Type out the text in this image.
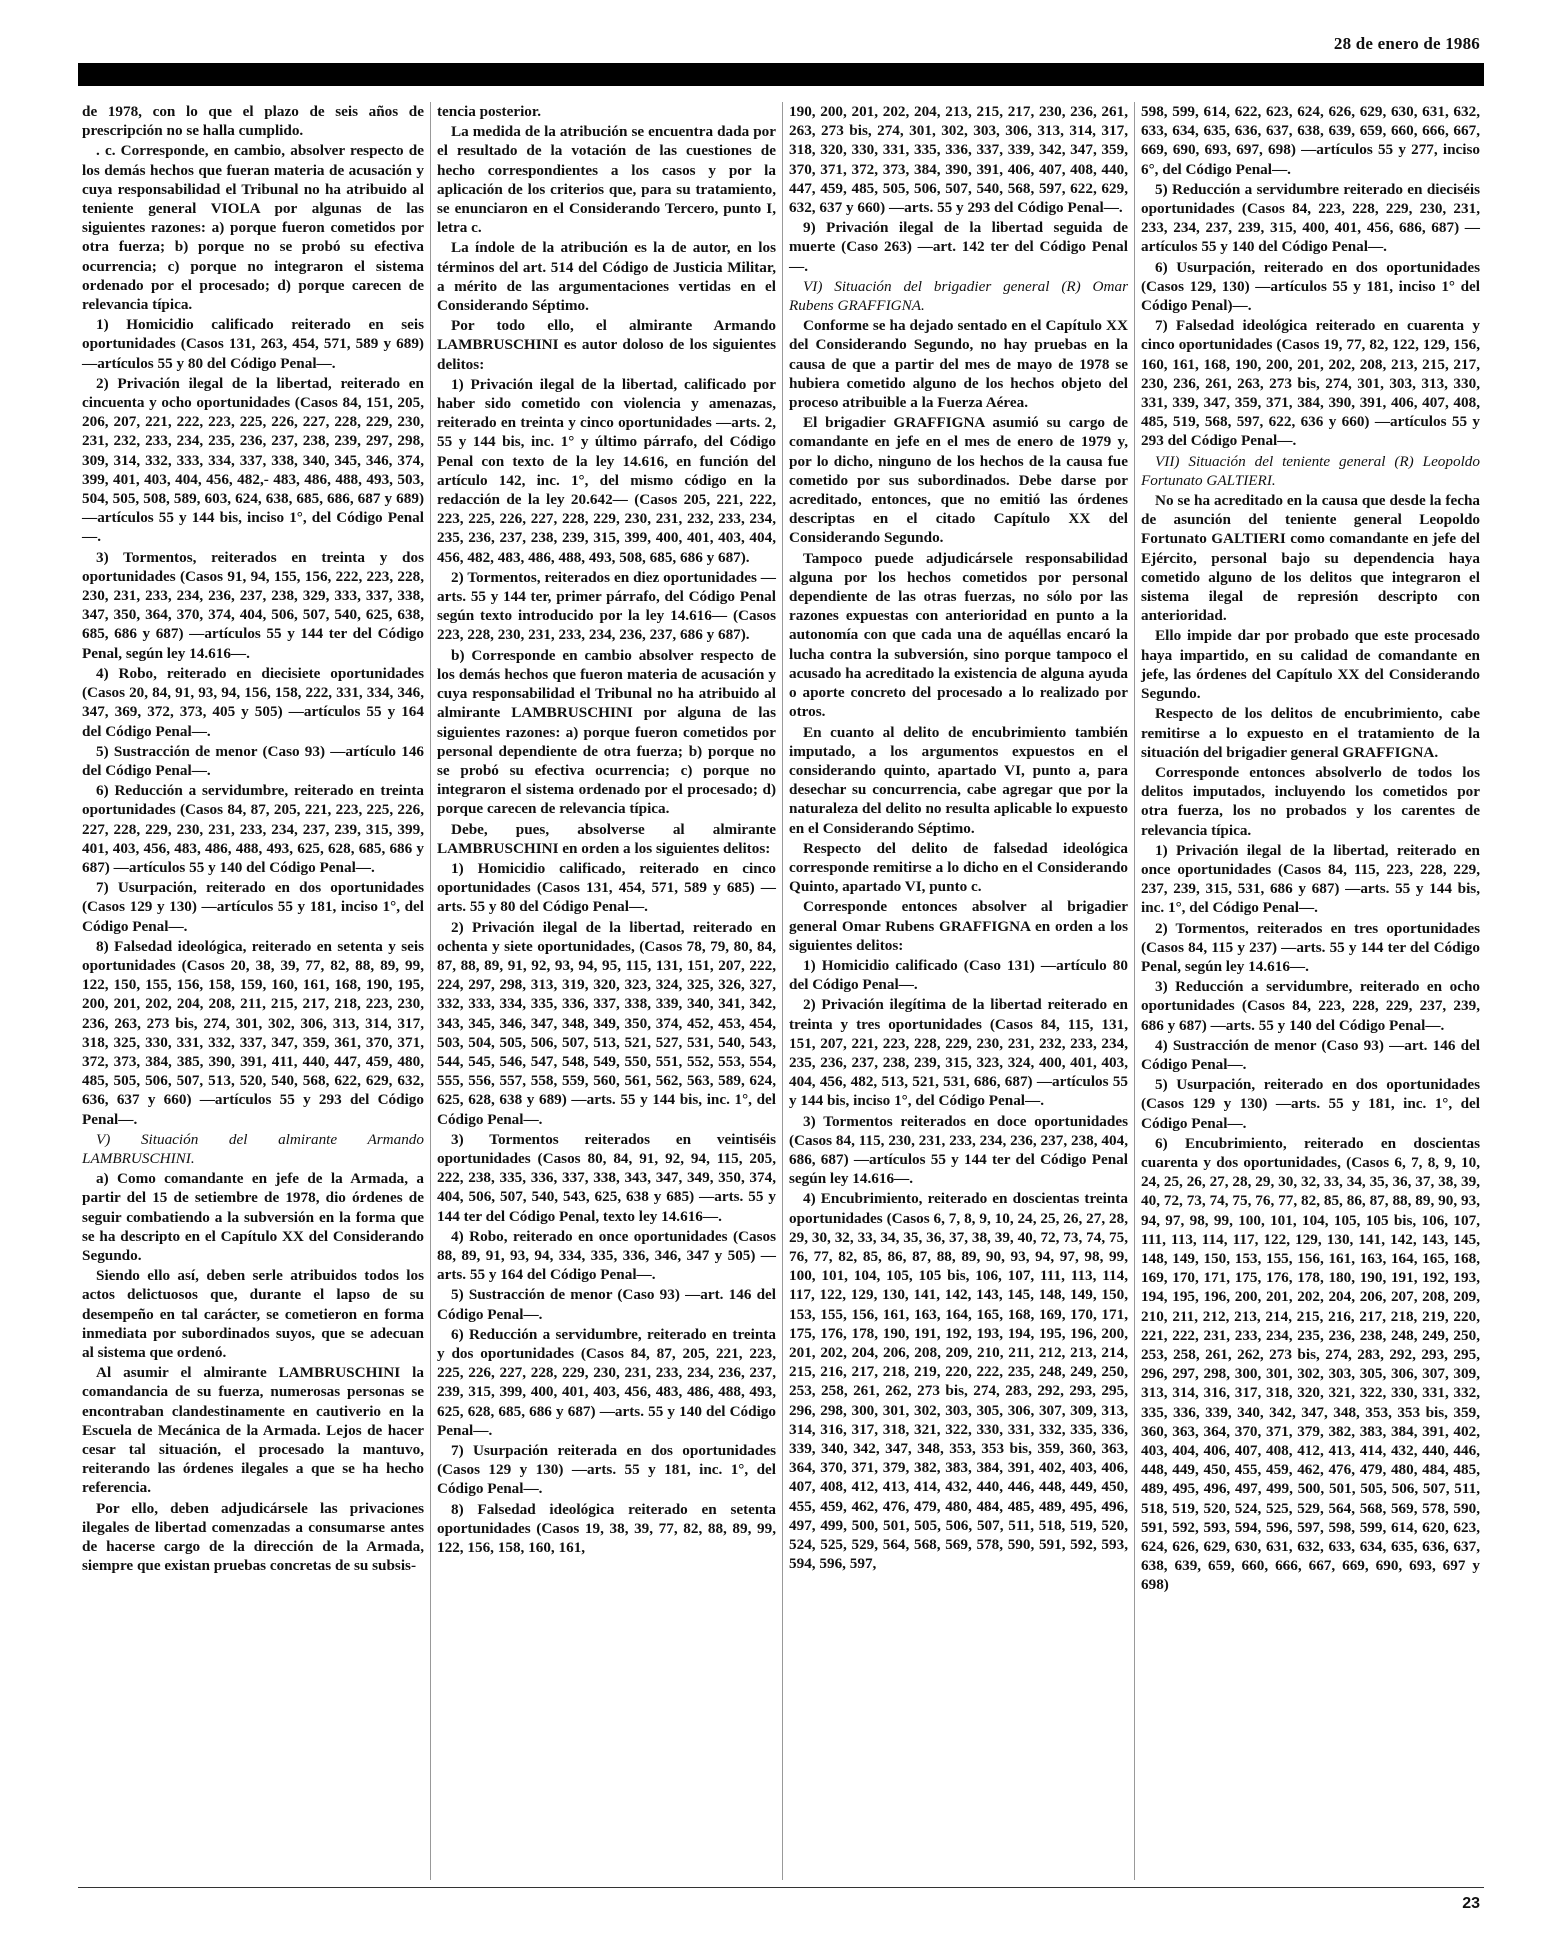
28 de enero de 1986

de 1978, con lo que el plazo de seis años de prescripción no se halla cumplido.

. c. Corresponde, en cambio, absolver respecto de los demás hechos que fueran materia de acusación y cuya responsabilidad el Tribunal no ha atribuido al teniente general VIOLA por algunas de las siguientes razones: a) porque fueron cometidos por otra fuerza; b) porque no se probó su efectiva ocurrencia; c) porque no integraron el sistema ordenado por el procesado; d) porque carecen de relevancia típica.

1) Homicidio calificado reiterado en seis oportunidades (Casos 131, 263, 454, 571, 589 y 689) —artículos 55 y 80 del Código Penal—.

2) Privación ilegal de la libertad, reiterado en cincuenta y ocho oportunidades (Casos 84, 151, 205, 206, 207, 221, 222, 223, 225, 226, 227, 228, 229, 230, 231, 232, 233, 234, 235, 236, 237, 238, 239, 297, 298, 309, 314, 332, 333, 334, 337, 338, 340, 345, 346, 374, 399, 401, 403, 404, 456, 482,- 483, 486, 488, 493, 503, 504, 505, 508, 589, 603, 624, 638, 685, 686, 687 y 689) —artículos 55 y 144 bis, inciso 1°, del Código Penal—.

3) Tormentos, reiterados en treinta y dos oportunidades (Casos 91, 94, 155, 156, 222, 223, 228, 230, 231, 233, 234, 236, 237, 238, 329, 333, 337, 338, 347, 350, 364, 370, 374, 404, 506, 507, 540, 625, 638, 685, 686 y 687) —artículos 55 y 144 ter del Código Penal, según ley 14.616—.

4) Robo, reiterado en diecisiete oportunidades (Casos 20, 84, 91, 93, 94, 156, 158, 222, 331, 334, 346, 347, 369, 372, 373, 405 y 505) —artículos 55 y 164 del Código Penal—.

5) Sustracción de menor (Caso 93) —artículo 146 del Código Penal—.

6) Reducción a servidumbre, reiterado en treinta oportunidades (Casos 84, 87, 205, 221, 223, 225, 226, 227, 228, 229, 230, 231, 233, 234, 237, 239, 315, 399, 401, 403, 456, 483, 486, 488, 493, 625, 628, 685, 686 y 687) —artículos 55 y 140 del Código Penal—.

7) Usurpación, reiterado en dos oportunidades (Casos 129 y 130) —artículos 55 y 181, inciso 1°, del Código Penal—.

8) Falsedad ideológica, reiterado en setenta y seis oportunidades (Casos 20, 38, 39, 77, 82, 88, 89, 99, 122, 150, 155, 156, 158, 159, 160, 161, 168, 190, 195, 200, 201, 202, 204, 208, 211, 215, 217, 218, 223, 230, 236, 263, 273 bis, 274, 301, 302, 306, 313, 314, 317, 318, 325, 330, 331, 332, 337, 347, 359, 361, 370, 371, 372, 373, 384, 385, 390, 391, 411, 440, 447, 459, 480, 485, 505, 506, 507, 513, 520, 540, 568, 622, 629, 632, 636, 637 y 660) —artículos 55 y 293 del Código Penal—.

V) Situación del almirante Armando LAMBRUSCHINI.

a) Como comandante en jefe de la Armada, a partir del 15 de setiembre de 1978, dio órdenes de seguir combatiendo a la subversión en la forma que se ha descripto en el Capítulo XX del Considerando Segundo.

Siendo ello así, deben serle atribuidos todos los actos delictuosos que, durante el lapso de su desempeño en tal carácter, se cometieron en forma inmediata por subordinados suyos, que se adecuan al sistema que ordenó.

Al asumir el almirante LAMBRUSCHINI la comandancia de su fuerza, numerosas personas se encontraban clandestinamente en cautiverio en la Escuela de Mecánica de la Armada. Lejos de hacer cesar tal situación, el procesado la mantuvo, reiterando las órdenes ilegales a que se ha hecho referencia.

Por ello, deben adjudicársele las privaciones ilegales de libertad comenzadas a consumarse antes de hacerse cargo de la dirección de la Armada, siempre que existan pruebas concretas de su subsis-

tencia posterior.

La medida de la atribución se encuentra dada por el resultado de la votación de las cuestiones de hecho correspondientes a los casos y por la aplicación de los criterios que, para su tratamiento, se enunciaron en el Considerando Tercero, punto I, letra c.

La índole de la atribución es la de autor, en los términos del art. 514 del Código de Justicia Militar, a mérito de las argumentaciones vertidas en el Considerando Séptimo.

Por todo ello, el almirante Armando LAMBRUSCHINI es autor doloso de los siguientes delitos:

1) Privación ilegal de la libertad, calificado por haber sido cometido con violencia y amenazas, reiterado en treinta y cinco oportunidades —arts. 2, 55 y 144 bis, inc. 1° y último párrafo, del Código Penal con texto de la ley 14.616, en función del artículo 142, inc. 1°, del mismo código en la redacción de la ley 20.642— (Casos 205, 221, 222, 223, 225, 226, 227, 228, 229, 230, 231, 232, 233, 234, 235, 236, 237, 238, 239, 315, 399, 400, 401, 403, 404, 456, 482, 483, 486, 488, 493, 508, 685, 686 y 687).

2) Tormentos, reiterados en diez oportunidades —arts. 55 y 144 ter, primer párrafo, del Código Penal según texto introducido por la ley 14.616— (Casos 223, 228, 230, 231, 233, 234, 236, 237, 686 y 687).

b) Corresponde en cambio absolver respecto de los demás hechos que fueron materia de acusación y cuya responsabilidad el Tribunal no ha atribuido al almirante LAMBRUSCHINI por alguna de las siguientes razones: a) porque fueron cometidos por personal dependiente de otra fuerza; b) porque no se probó su efectiva ocurrencia; c) porque no integraron el sistema ordenado por el procesado; d) porque carecen de relevancia típica.

Debe, pues, absolverse al almirante LAMBRUSCHINI en orden a los siguientes delitos:

1) Homicidio calificado, reiterado en cinco oportunidades (Casos 131, 454, 571, 589 y 685) —arts. 55 y 80 del Código Penal—.

2) Privación ilegal de la libertad, reiterado en ochenta y siete oportunidades, (Casos 78, 79, 80, 84, 87, 88, 89, 91, 92, 93, 94, 95, 115, 131, 151, 207, 222, 224, 297, 298, 313, 319, 320, 323, 324, 325, 326, 327, 332, 333, 334, 335, 336, 337, 338, 339, 340, 341, 342, 343, 345, 346, 347, 348, 349, 350, 374, 452, 453, 454, 503, 504, 505, 506, 507, 513, 521, 527, 531, 540, 543, 544, 545, 546, 547, 548, 549, 550, 551, 552, 553, 554, 555, 556, 557, 558, 559, 560, 561, 562, 563, 589, 624, 625, 628, 638 y 689) —arts. 55 y 144 bis, inc. 1°, del Código Penal—.

3) Tormentos reiterados en veintiséis oportunidades (Casos 80, 84, 91, 92, 94, 115, 205, 222, 238, 335, 336, 337, 338, 343, 347, 349, 350, 374, 404, 506, 507, 540, 543, 625, 638 y 685) —arts. 55 y 144 ter del Código Penal, texto ley 14.616—.

4) Robo, reiterado en once oportunidades (Casos 88, 89, 91, 93, 94, 334, 335, 336, 346, 347 y 505) —arts. 55 y 164 del Código Penal—.

5) Sustracción de menor (Caso 93) —art. 146 del Código Penal—.

6) Reducción a servidumbre, reiterado en treinta y dos oportunidades (Casos 84, 87, 205, 221, 223, 225, 226, 227, 228, 229, 230, 231, 233, 234, 236, 237, 239, 315, 399, 400, 401, 403, 456, 483, 486, 488, 493, 625, 628, 685, 686 y 687) —arts. 55 y 140 del Código Penal—.

7) Usurpación reiterada en dos oportunidades (Casos 129 y 130) —arts. 55 y 181, inc. 1°, del Código Penal—.

8) Falsedad ideológica reiterado en setenta oportunidades (Casos 19, 38, 39, 77, 82, 88, 89, 99, 122, 156, 158, 160, 161,

190, 200, 201, 202, 204, 213, 215, 217, 230, 236, 261, 263, 273 bis, 274, 301, 302, 303, 306, 313, 314, 317, 318, 320, 330, 331, 335, 336, 337, 339, 342, 347, 359, 370, 371, 372, 373, 384, 390, 391, 406, 407, 408, 440, 447, 459, 485, 505, 506, 507, 540, 568, 597, 622, 629, 632, 637 y 660) —arts. 55 y 293 del Código Penal—.

9) Privación ilegal de la libertad seguida de muerte (Caso 263) —art. 142 ter del Código Penal—.

VI) Situación del brigadier general (R) Omar Rubens GRAFFIGNA.

Conforme se ha dejado sentado en el Capítulo XX del Considerando Segundo, no hay pruebas en la causa de que a partir del mes de mayo de 1978 se hubiera cometido alguno de los hechos objeto del proceso atribuible a la Fuerza Aérea.

El brigadier GRAFFIGNA asumió su cargo de comandante en jefe en el mes de enero de 1979 y, por lo dicho, ninguno de los hechos de la causa fue cometido por sus subordinados. Debe darse por acreditado, entonces, que no emitió las órdenes descriptas en el citado Capítulo XX del Considerando Segundo.

Tampoco puede adjudicársele responsabilidad alguna por los hechos cometidos por personal dependiente de las otras fuerzas, no sólo por las razones expuestas con anterioridad en punto a la autonomía con que cada una de aquéllas encaró la lucha contra la subversión, sino porque tampoco el acusado ha acreditado la existencia de alguna ayuda o aporte concreto del procesado a lo realizado por otros.

En cuanto al delito de encubrimiento también imputado, a los argumentos expuestos en el considerando quinto, apartado VI, punto a, para desechar su concurrencia, cabe agregar que por la naturaleza del delito no resulta aplicable lo expuesto en el Considerando Séptimo.

Respecto del delito de falsedad ideológica corresponde remitirse a lo dicho en el Considerando Quinto, apartado VI, punto c.

Corresponde entonces absolver al brigadier general Omar Rubens GRAFFIGNA en orden a los siguientes delitos:

1) Homicidio calificado (Caso 131) —artículo 80 del Código Penal—.

2) Privación ilegítima de la libertad reiterado en treinta y tres oportunidades (Casos 84, 115, 131, 151, 207, 221, 223, 228, 229, 230, 231, 232, 233, 234, 235, 236, 237, 238, 239, 315, 323, 324, 400, 401, 403, 404, 456, 482, 513, 521, 531, 686, 687) —artículos 55 y 144 bis, inciso 1°, del Código Penal—.

3) Tormentos reiterados en doce oportunidades (Casos 84, 115, 230, 231, 233, 234, 236, 237, 238, 404, 686, 687) —artículos 55 y 144 ter del Código Penal según ley 14.616—.

4) Encubrimiento, reiterado en doscientas treinta oportunidades (Casos 6, 7, 8, 9, 10, 24, 25, 26, 27, 28, 29, 30, 32, 33, 34, 35, 36, 37, 38, 39, 40, 72, 73, 74, 75, 76, 77, 82, 85, 86, 87, 88, 89, 90, 93, 94, 97, 98, 99, 100, 101, 104, 105, 105 bis, 106, 107, 111, 113, 114, 117, 122, 129, 130, 141, 142, 143, 145, 148, 149, 150, 153, 155, 156, 161, 163, 164, 165, 168, 169, 170, 171, 175, 176, 178, 190, 191, 192, 193, 194, 195, 196, 200, 201, 202, 204, 206, 208, 209, 210, 211, 212, 213, 214, 215, 216, 217, 218, 219, 220, 222, 235, 248, 249, 250, 253, 258, 261, 262, 273 bis, 274, 283, 292, 293, 295, 296, 298, 300, 301, 302, 303, 305, 306, 307, 309, 313, 314, 316, 317, 318, 321, 322, 330, 331, 332, 335, 336, 339, 340, 342, 347, 348, 353, 353 bis, 359, 360, 363, 364, 370, 371, 379, 382, 383, 384, 391, 402, 403, 406, 407, 408, 412, 413, 414, 432, 440, 446, 448, 449, 450, 455, 459, 462, 476, 479, 480, 484, 485, 489, 495, 496, 497, 499, 500, 501, 505, 506, 507, 511, 518, 519, 520, 524, 525, 529, 564, 568, 569, 578, 590, 591, 592, 593, 594, 596, 597,

598, 599, 614, 622, 623, 624, 626, 629, 630, 631, 632, 633, 634, 635, 636, 637, 638, 639, 659, 660, 666, 667, 669, 690, 693, 697, 698) —artículos 55 y 277, inciso 6°, del Código Penal—.

5) Reducción a servidumbre reiterado en dieciséis oportunidades (Casos 84, 223, 228, 229, 230, 231, 233, 234, 237, 239, 315, 400, 401, 456, 686, 687) —artículos 55 y 140 del Código Penal—.

6) Usurpación, reiterado en dos oportunidades (Casos 129, 130) —artículos 55 y 181, inciso 1° del Código Penal)—.

7) Falsedad ideológica reiterado en cuarenta y cinco oportunidades (Casos 19, 77, 82, 122, 129, 156, 160, 161, 168, 190, 200, 201, 202, 208, 213, 215, 217, 230, 236, 261, 263, 273 bis, 274, 301, 303, 313, 330, 331, 339, 347, 359, 371, 384, 390, 391, 406, 407, 408, 485, 519, 568, 597, 622, 636 y 660) —artículos 55 y 293 del Código Penal—.

VII) Situación del teniente general (R) Leopoldo Fortunato GALTIERI.

No se ha acreditado en la causa que desde la fecha de asunción del teniente general Leopoldo Fortunato GALTIERI como comandante en jefe del Ejército, personal bajo su dependencia haya cometido alguno de los delitos que integraron el sistema ilegal de represión descripto con anterioridad.

Ello impide dar por probado que este procesado haya impartido, en su calidad de comandante en jefe, las órdenes del Capítulo XX del Considerando Segundo.

Respecto de los delitos de encubrimiento, cabe remitirse a lo expuesto en el tratamiento de la situación del brigadier general GRAFFIGNA.

Corresponde entonces absolverlo de todos los delitos imputados, incluyendo los cometidos por otra fuerza, los no probados y los carentes de relevancia típica.

1) Privación ilegal de la libertad, reiterado en once oportunidades (Casos 84, 115, 223, 228, 229, 237, 239, 315, 531, 686 y 687) —arts. 55 y 144 bis, inc. 1°, del Código Penal—.

2) Tormentos, reiterados en tres oportunidades (Casos 84, 115 y 237) —arts. 55 y 144 ter del Código Penal, según ley 14.616—.

3) Reducción a servidumbre, reiterado en ocho oportunidades (Casos 84, 223, 228, 229, 237, 239, 686 y 687) —arts. 55 y 140 del Código Penal—.

4) Sustracción de menor (Caso 93) —art. 146 del Código Penal—.

5) Usurpación, reiterado en dos oportunidades (Casos 129 y 130) —arts. 55 y 181, inc. 1°, del Código Penal—.

6) Encubrimiento, reiterado en doscientas cuarenta y dos oportunidades, (Casos 6, 7, 8, 9, 10, 24, 25, 26, 27, 28, 29, 30, 32, 33, 34, 35, 36, 37, 38, 39, 40, 72, 73, 74, 75, 76, 77, 82, 85, 86, 87, 88, 89, 90, 93, 94, 97, 98, 99, 100, 101, 104, 105, 105 bis, 106, 107, 111, 113, 114, 117, 122, 129, 130, 141, 142, 143, 145, 148, 149, 150, 153, 155, 156, 161, 163, 164, 165, 168, 169, 170, 171, 175, 176, 178, 180, 190, 191, 192, 193, 194, 195, 196, 200, 201, 202, 204, 206, 207, 208, 209, 210, 211, 212, 213, 214, 215, 216, 217, 218, 219, 220, 221, 222, 231, 233, 234, 235, 236, 238, 248, 249, 250, 253, 258, 261, 262, 273 bis, 274, 283, 292, 293, 295, 296, 297, 298, 300, 301, 302, 303, 305, 306, 307, 309, 313, 314, 316, 317, 318, 320, 321, 322, 330, 331, 332, 335, 336, 339, 340, 342, 347, 348, 353, 353 bis, 359, 360, 363, 364, 370, 371, 379, 382, 383, 384, 391, 402, 403, 404, 406, 407, 408, 412, 413, 414, 432, 440, 446, 448, 449, 450, 455, 459, 462, 476, 479, 480, 484, 485, 489, 495, 496, 497, 499, 500, 501, 505, 506, 507, 511, 518, 519, 520, 524, 525, 529, 564, 568, 569, 578, 590, 591, 592, 593, 594, 596, 597, 598, 599, 614, 620, 623, 624, 626, 629, 630, 631, 632, 633, 634, 635, 636, 637, 638, 639, 659, 660, 666, 667, 669, 690, 693, 697 y 698)

23
